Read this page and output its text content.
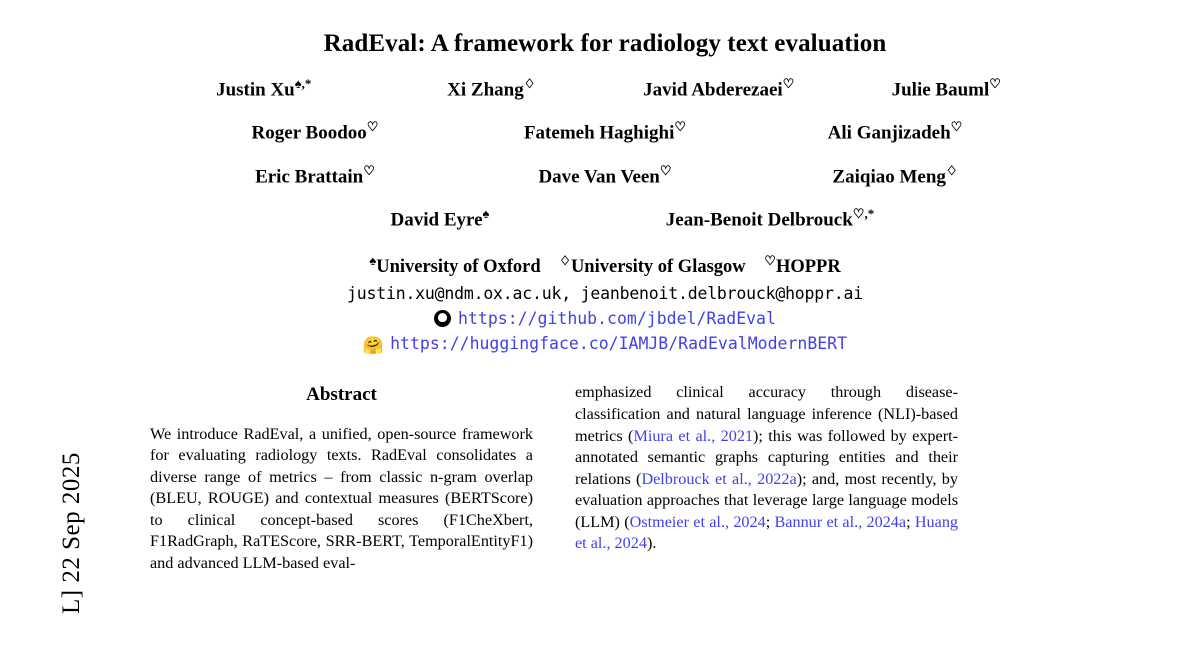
L] 22 Sep 2025
RadEval: A framework for radiology text evaluation
Justin Xu♠,*	Xi Zhang♢	Javid Abderezaei♡	Julie Bauml♡
Roger Boodoo♡	Fatemeh Haghighi♡	Ali Ganjizadeh♡
Eric Brattain♡	Dave Van Veen♡	Zaiqiao Meng♢
David Eyre♠	Jean-Benoit Delbrouck♡,*
♠University of Oxford ♢University of Glasgow ♡HOPPR
justin.xu@ndm.ox.ac.uk, jeanbenoit.delbrouck@hoppr.ai
https://github.com/jbdel/RadEval
🤗 https://huggingface.co/IAMJB/RadEvalModernBERT
Abstract

We introduce RadEval, a unified, open-source framework for evaluating radiology texts. RadEval consolidates a diverse range of metrics – from classic n-gram overlap (BLEU, ROUGE) and contextual measures (BERTScore) to clinical concept-based scores (F1CheXbert, F1RadGraph, RaTEScore, SRR-BERT, TemporalEntityF1) and advanced LLM-based eval-

emphasized clinical accuracy through disease-classification and natural language inference (NLI)-based metrics (Miura et al., 2021); this was followed by expert-annotated semantic graphs capturing entities and their relations (Delbrouck et al., 2022a); and, most recently, by evaluation approaches that leverage large language models (LLM) (Ostmeier et al., 2024; Bannur et al., 2024a; Huang et al., 2024).
